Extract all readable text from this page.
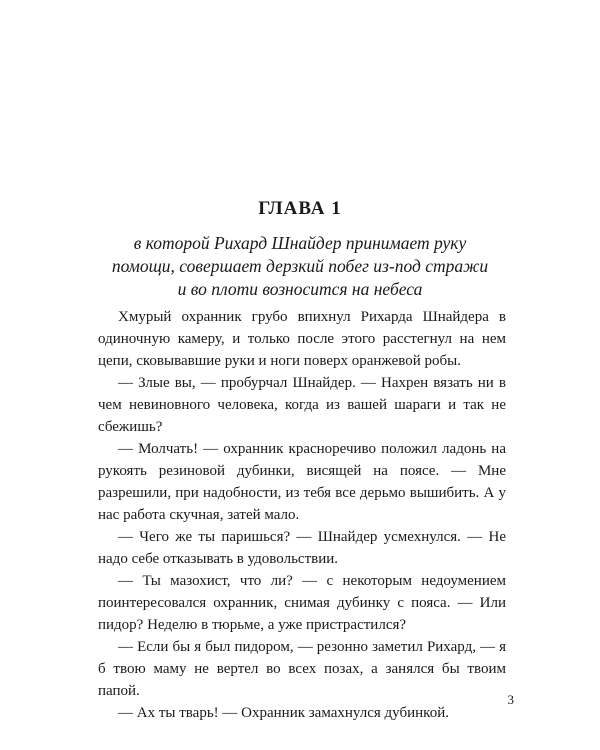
ГЛАВА 1
в которой Рихард Шнайдер принимает руку
помощи, совершает дерзкий побег из-под стражи
и во плоти возносится на небеса

Хмурый охранник грубо впихнул Рихарда Шнайдера в одиночную камеру, и только после этого расстегнул на нем цепи, сковывавшие руки и ноги поверх оранжевой робы.

— Злые вы, — пробурчал Шнайдер. — Нахрен вязать ни в чем невиновного человека, когда из вашей шараги и так не сбежишь?

— Молчать! — охранник красноречиво положил ладонь на рукоять резиновой дубинки, висящей на поясе. — Мне разрешили, при надобности, из тебя все дерьмо вышибить. А у нас работа скучная, затей мало.

— Чего же ты паришься? — Шнайдер усмехнулся. — Не надо себе отказывать в удовольствии.

— Ты мазохист, что ли? — с некоторым недоумением поинтересовался охранник, снимая дубинку с пояса. — Или пидор? Неделю в тюрьме, а уже пристрастился?

— Если бы я был пидором, — резонно заметил Рихард, — я б твою маму не вертел во всех позах, а занялся бы твоим папой.

— Ах ты тварь! — Охранник замахнулся дубинкой.

3
